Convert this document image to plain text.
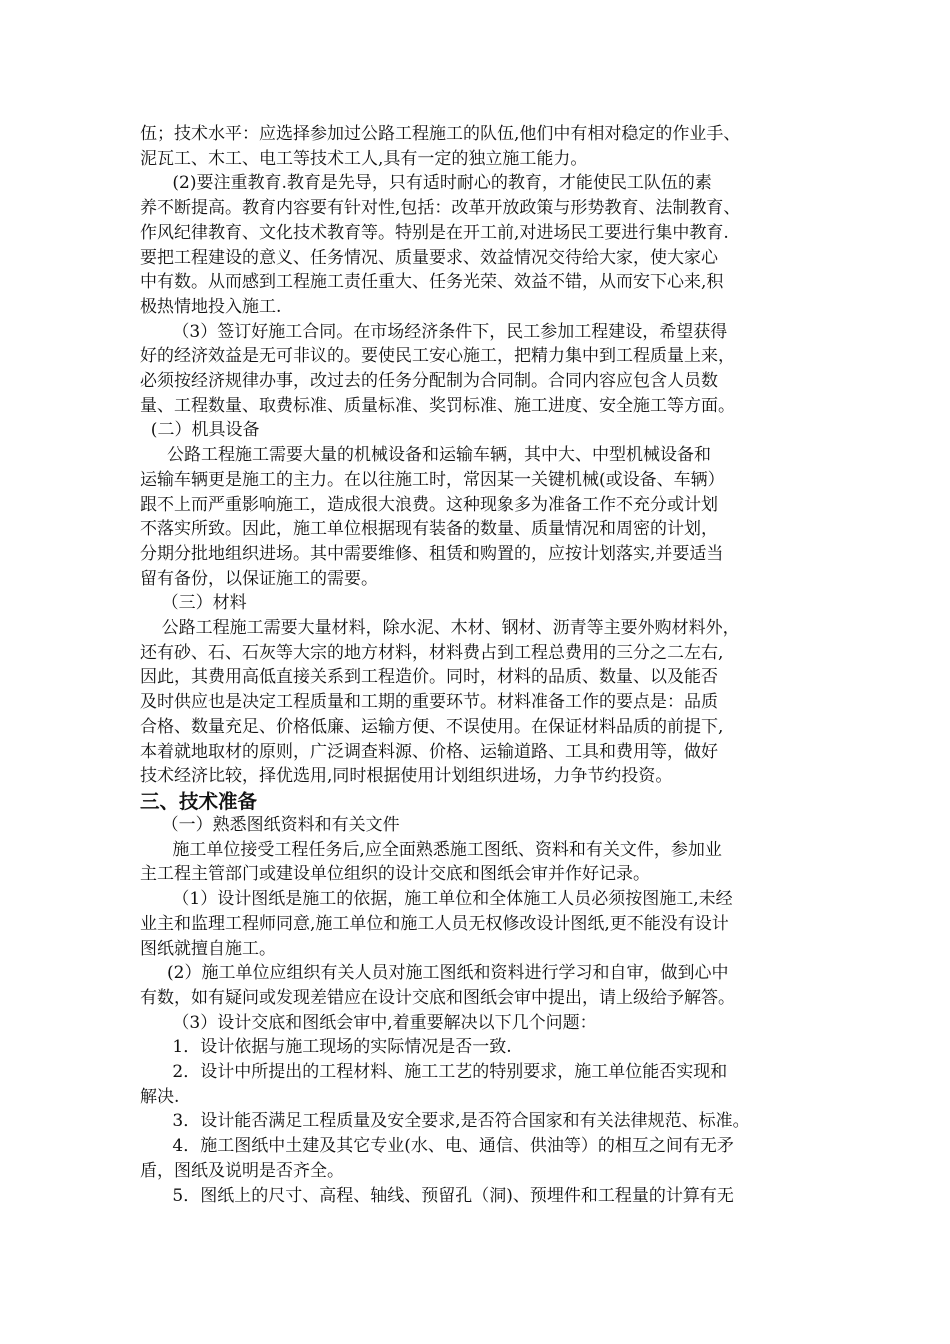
伍；技术水平：应选择参加过公路工程施工的队伍,他们中有相对稳定的作业手、
泥瓦工、木工、电工等技术工人,具有一定的独立施工能力。
(2)要注重教育.教育是先导，只有适时耐心的教育，才能使民工队伍的素
养不断提高。教育内容要有针对性,包括：改革开放政策与形势教育、法制教育、
作风纪律教育、文化技术教育等。特别是在开工前,对进场民工要进行集中教育.
要把工程建设的意义、任务情况、质量要求、效益情况交待给大家，使大家心
中有数。从而感到工程施工责任重大、任务光荣、效益不错，从而安下心来,积
极热情地投入施工.
（3）签订好施工合同。在市场经济条件下，民工参加工程建设，希望获得
好的经济效益是无可非议的。要使民工安心施工，把精力集中到工程质量上来，
必须按经济规律办事，改过去的任务分配制为合同制。合同内容应包含人员数
量、工程数量、取费标准、质量标准、奖罚标准、施工进度、安全施工等方面。
(二）机具设备
公路工程施工需要大量的机械设备和运输车辆，其中大、中型机械设备和
运输车辆更是施工的主力。在以往施工时，常因某一关键机械(或设备、车辆）
跟不上而严重影响施工，造成很大浪费。这种现象多为准备工作不充分或计划
不落实所致。因此，施工单位根据现有装备的数量、质量情况和周密的计划，
分期分批地组织进场。其中需要维修、租赁和购置的，应按计划落实,并要适当
留有备份，以保证施工的需要。
（三）材料
公路工程施工需要大量材料，除水泥、木材、钢材、沥青等主要外购材料外，
还有砂、石、石灰等大宗的地方材料，材料费占到工程总费用的三分之二左右,
因此，其费用高低直接关系到工程造价。同时，材料的品质、数量、以及能否
及时供应也是决定工程质量和工期的重要环节。材料准备工作的要点是：品质
合格、数量充足、价格低廉、运输方便、不误使用。在保证材料品质的前提下,
本着就地取材的原则，广泛调查料源、价格、运输道路、工具和费用等，做好
技术经济比较，择优选用,同时根据使用计划组织进场，力争节约投资。
三、技术准备
（一）熟悉图纸资料和有关文件
施工单位接受工程任务后,应全面熟悉施工图纸、资料和有关文件，参加业
主工程主管部门或建设单位组织的设计交底和图纸会审并作好记录。
（1）设计图纸是施工的依据，施工单位和全体施工人员必须按图施工,未经
业主和监理工程师同意,施工单位和施工人员无权修改设计图纸,更不能没有设计
图纸就擅自施工。
(2）施工单位应组织有关人员对施工图纸和资料进行学习和自审，做到心中
有数，如有疑问或发现差错应在设计交底和图纸会审中提出，请上级给予解答。
（3）设计交底和图纸会审中,着重要解决以下几个问题：
1．设计依据与施工现场的实际情况是否一致.
2．设计中所提出的工程材料、施工工艺的特别要求，施工单位能否实现和
解决.
3．设计能否满足工程质量及安全要求,是否符合国家和有关法律规范、标准。
4．施工图纸中土建及其它专业(水、电、通信、供油等）的相互之间有无矛
盾，图纸及说明是否齐全。
5．图纸上的尺寸、高程、轴线、预留孔（洞)、预埋件和工程量的计算有无
